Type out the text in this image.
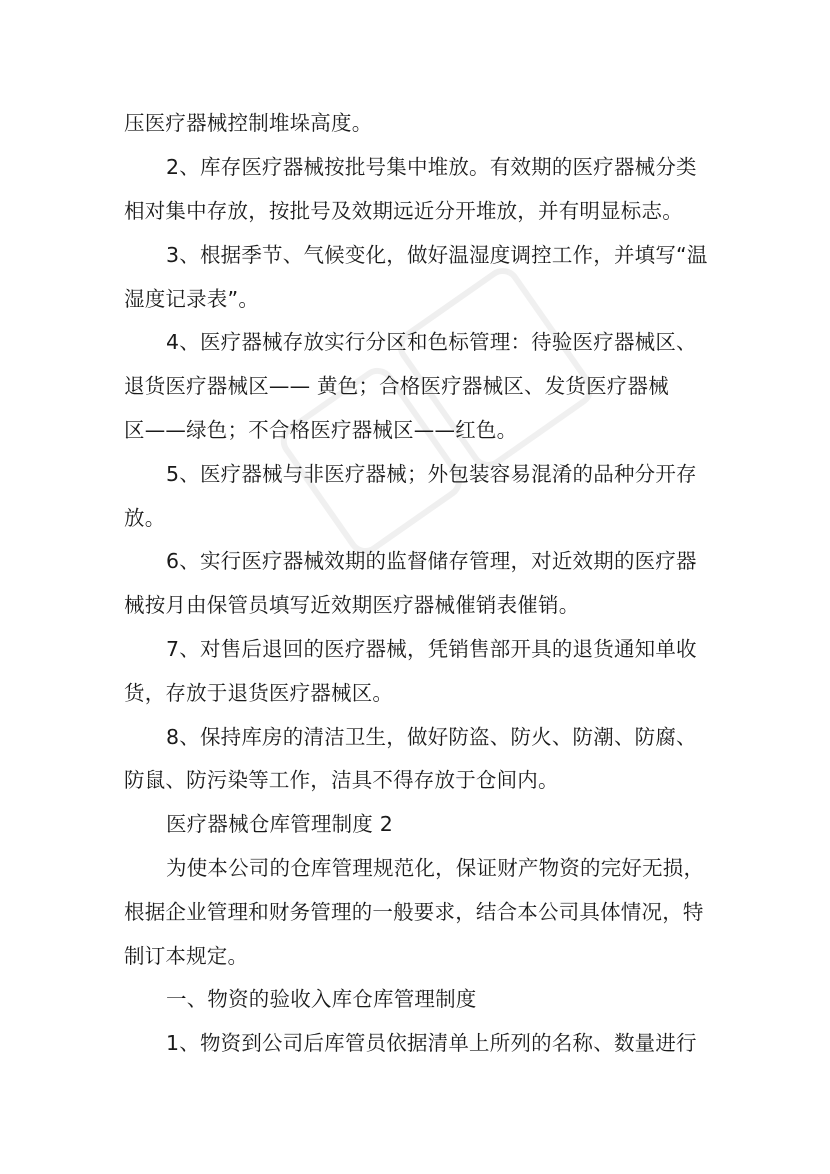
压医疗器械控制堆垛高度。
2、库存医疗器械按批号集中堆放。有效期的医疗器械分类
相对集中存放，按批号及效期远近分开堆放，并有明显标志。
3、根据季节、气候变化，做好温湿度调控工作，并填写“温
湿度记录表”。
4、医疗器械存放实行分区和色标管理：待验医疗器械区、
退货医疗器械区—— 黄色；合格医疗器械区、发货医疗器械
区——绿色；不合格医疗器械区——红色。
5、医疗器械与非医疗器械；外包装容易混淆的品种分开存
放。
6、实行医疗器械效期的监督储存管理，对近效期的医疗器
械按月由保管员填写近效期医疗器械催销表催销。
7、对售后退回的医疗器械，凭销售部开具的退货通知单收
货，存放于退货医疗器械区。
8、保持库房的清洁卫生，做好防盗、防火、防潮、防腐、
防鼠、防污染等工作，洁具不得存放于仓间内。
医疗器械仓库管理制度 2
为使本公司的仓库管理规范化，保证财产物资的完好无损，
根据企业管理和财务管理的一般要求，结合本公司具体情况，特
制订本规定。
一、物资的验收入库仓库管理制度
1、物资到公司后库管员依据清单上所列的名称、数量进行
